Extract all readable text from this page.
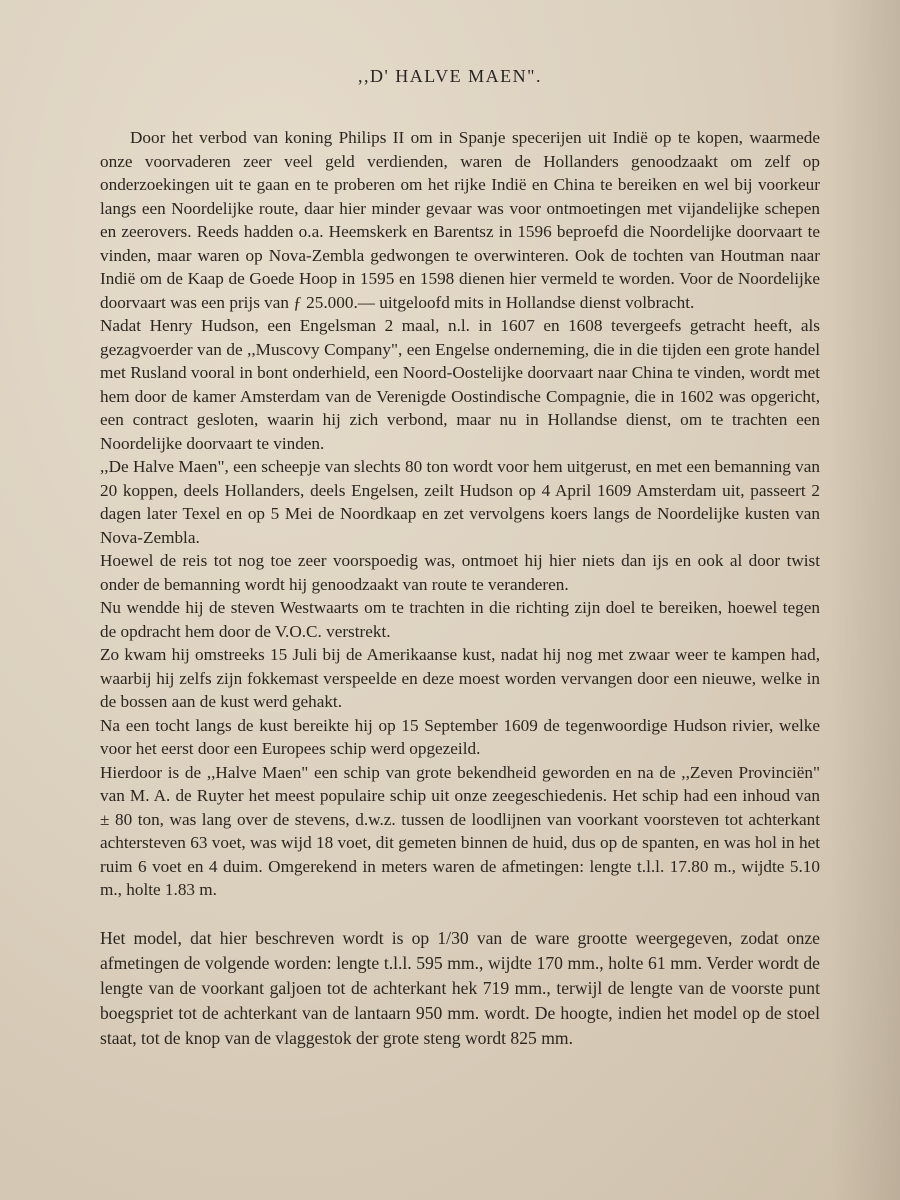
,,D' HALVE MAEN".

Door het verbod van koning Philips II om in Spanje specerijen uit Indië op te kopen, waarmede onze voorvaderen zeer veel geld verdienden, waren de Hollanders genoodzaakt om zelf op onderzoekingen uit te gaan en te proberen om het rijke Indië en China te bereiken en wel bij voorkeur langs een Noordelijke route, daar hier minder gevaar was voor ontmoetingen met vijandelijke schepen en zeerovers. Reeds hadden o.a. Heemskerk en Barentsz in 1596 beproefd die Noordelijke doorvaart te vinden, maar waren op Nova-Zembla gedwongen te overwinteren. Ook de tochten van Houtman naar Indië om de Kaap de Goede Hoop in 1595 en 1598 dienen hier vermeld te worden. Voor de Noordelijke doorvaart was een prijs van ƒ 25.000.— uitgeloofd mits in Hollandse dienst volbracht.

Nadat Henry Hudson, een Engelsman 2 maal, n.l. in 1607 en 1608 tevergeefs getracht heeft, als gezagvoerder van de ,,Muscovy Company", een Engelse onderneming, die in die tijden een grote handel met Rusland vooral in bont onderhield, een Noord-Oostelijke doorvaart naar China te vinden, wordt met hem door de kamer Amsterdam van de Verenigde Oostindische Compagnie, die in 1602 was opgericht, een contract gesloten, waarin hij zich verbond, maar nu in Hollandse dienst, om te trachten een Noordelijke doorvaart te vinden.

,,De Halve Maen", een scheepje van slechts 80 ton wordt voor hem uitgerust, en met een bemanning van 20 koppen, deels Hollanders, deels Engelsen, zeilt Hudson op 4 April 1609 Amsterdam uit, passeert 2 dagen later Texel en op 5 Mei de Noordkaap en zet vervolgens koers langs de Noordelijke kusten van Nova-Zembla.

Hoewel de reis tot nog toe zeer voorspoedig was, ontmoet hij hier niets dan ijs en ook al door twist onder de bemanning wordt hij genoodzaakt van route te veranderen.

Nu wendde hij de steven Westwaarts om te trachten in die richting zijn doel te bereiken, hoewel tegen de opdracht hem door de V.O.C. verstrekt.

Zo kwam hij omstreeks 15 Juli bij de Amerikaanse kust, nadat hij nog met zwaar weer te kampen had, waarbij hij zelfs zijn fokkemast verspeelde en deze moest worden vervangen door een nieuwe, welke in de bossen aan de kust werd gehakt.

Na een tocht langs de kust bereikte hij op 15 September 1609 de tegenwoordige Hudson rivier, welke voor het eerst door een Europees schip werd opgezeild.

Hierdoor is de ,,Halve Maen" een schip van grote bekendheid geworden en na de ,,Zeven Provinciën" van M. A. de Ruyter het meest populaire schip uit onze zeegeschiedenis. Het schip had een inhoud van ± 80 ton, was lang over de stevens, d.w.z. tussen de loodlijnen van voorkant voorsteven tot achterkant achtersteven 63 voet, was wijd 18 voet, dit gemeten binnen de huid, dus op de spanten, en was hol in het ruim 6 voet en 4 duim. Omgerekend in meters waren de afmetingen: lengte t.l.l. 17.80 m., wijdte 5.10 m., holte 1.83 m.

Het model, dat hier beschreven wordt is op 1/30 van de ware grootte weergegeven, zodat onze afmetingen de volgende worden: lengte t.l.l. 595 mm., wijdte 170 mm., holte 61 mm. Verder wordt de lengte van de voorkant galjoen tot de achterkant hek 719 mm., terwijl de lengte van de voorste punt boegspriet tot de achterkant van de lantaarn 950 mm. wordt. De hoogte, indien het model op de stoel staat, tot de knop van de vlaggestok der grote steng wordt 825 mm.
